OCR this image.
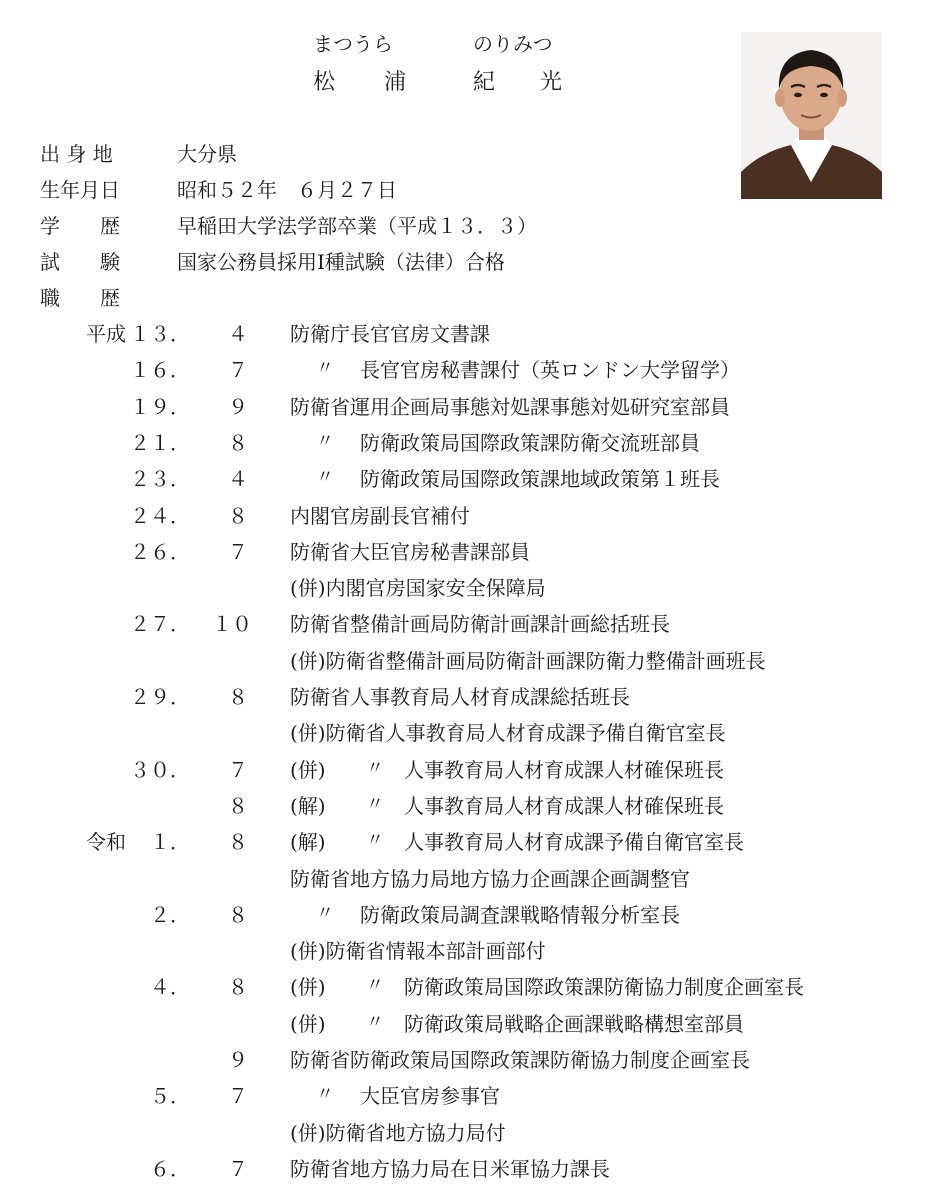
まつうら	のりみつ
松 浦	紀 光
出 身 地	大分県
生年月日	昭和５２年　６月２７日
学　　歴	早稲田大学法学部卒業（平成１３．３）
試　　験	国家公務員採用Ⅰ種試験（法律）合格
職　　歴
平成 １３． ４ 防衛庁長官官房文書課
１６． ７	〃 長官官房秘書課付（英ロンドン大学留学）
１９． ９ 防衛省運用企画局事態対処課事態対処研究室部員
２１． ８	〃 防衛政策局国際政策課防衛交流班部員
２３． ４	〃 防衛政策局国際政策課地域政策第１班長
２４． ８ 内閣官房副長官補付
２６． ７ 防衛省大臣官房秘書課部員
(併)内閣官房国家安全保障局
２７． １０ 防衛省整備計画局防衛計画課計画総括班長
(併)防衛省整備計画局防衛計画課防衛力整備計画班長
２９． ８ 防衛省人事教育局人材育成課総括班長
(併)防衛省人事教育局人材育成課予備自衛官室長
３０． ７ (併) 〃 人事教育局人材育成課人材確保班長
８ (解) 〃 人事教育局人材育成課人材確保班長
令和 １． ８ (解) 〃 人事教育局人材育成課予備自衛官室長
防衛省地方協力局地方協力企画課企画調整官
２． ８	〃 防衛政策局調査課戦略情報分析室長
(併)防衛省情報本部計画部付
４． ８ (併) 〃 防衛政策局国際政策課防衛協力制度企画室長
(併) 〃 防衛政策局戦略企画課戦略構想室部員
９ 防衛省防衛政策局国際政策課防衛協力制度企画室長
５． ７	〃 大臣官房参事官
(併)防衛省地方協力局付
６． ７ 防衛省地方協力局在日米軍協力課長
